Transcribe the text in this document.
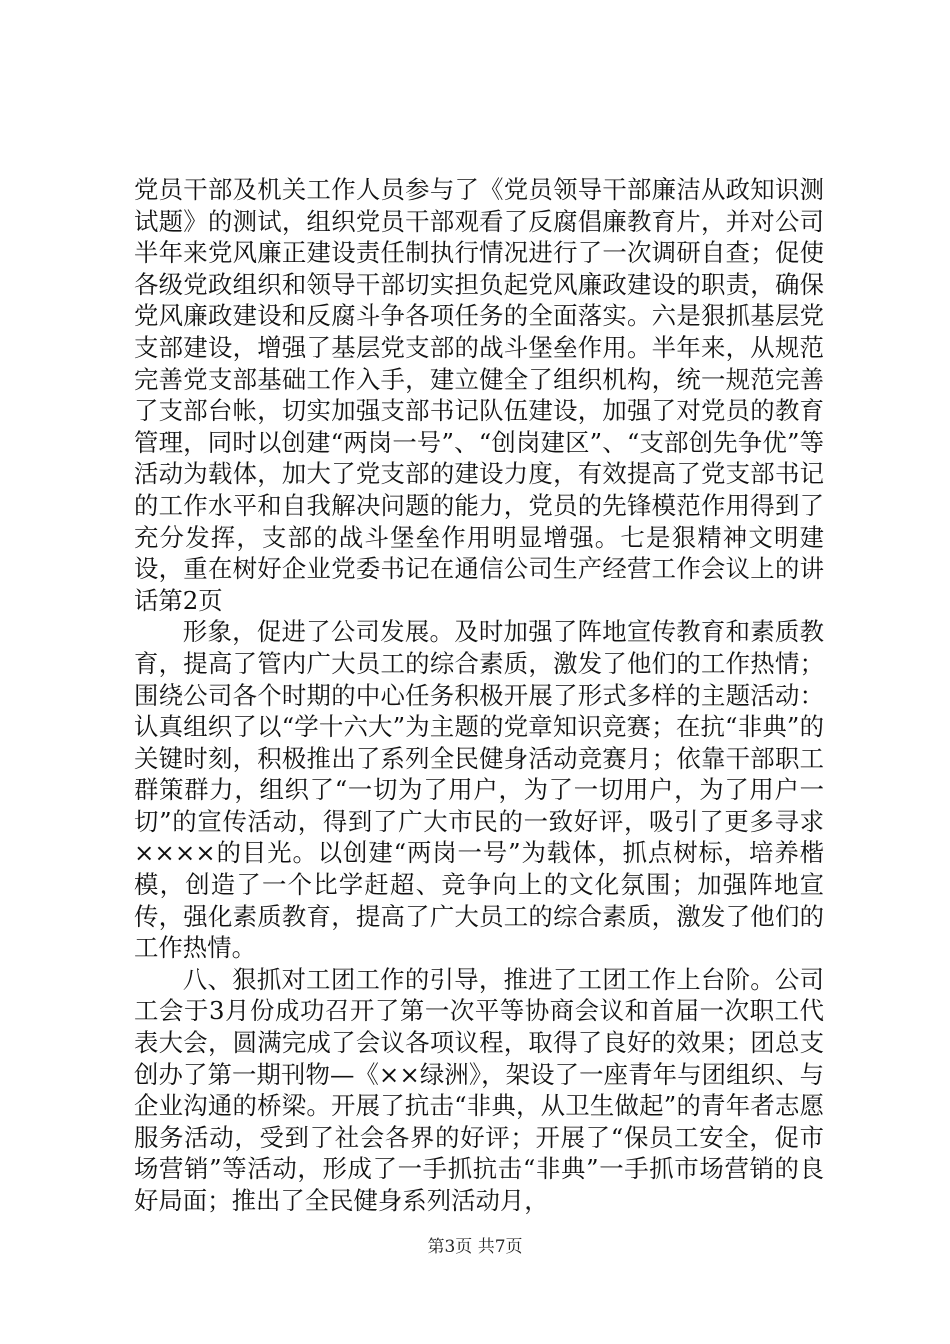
党员干部及机关工作人员参与了《党员领导干部廉洁从政知识测试题》的测试，组织党员干部观看了反腐倡廉教育片，并对公司半年来党风廉正建设责任制执行情况进行了一次调研自查；促使各级党政组织和领导干部切实担负起党风廉政建设的职责，确保党风廉政建设和反腐斗争各项任务的全面落实。六是狠抓基层党支部建设，增强了基层党支部的战斗堡垒作用。半年来，从规范完善党支部基础工作入手，建立健全了组织机构，统一规范完善了支部台帐，切实加强支部书记队伍建设，加强了对党员的教育管理，同时以创建“两岗一号”、“创岗建区”、“支部创先争优”等活动为载体，加大了党支部的建设力度，有效提高了党支部书记的工作水平和自我解决问题的能力，党员的先锋模范作用得到了充分发挥，支部的战斗堡垒作用明显增强。七是狠精神文明建设，重在树好企业党委书记在通信公司生产经营工作会议上的讲话第2页

形象，促进了公司发展。及时加强了阵地宣传教育和素质教育，提高了管内广大员工的综合素质，激发了他们的工作热情；围绕公司各个时期的中心任务积极开展了形式多样的主题活动：认真组织了以“学十六大”为主题的党章知识竞赛；在抗“非典”的关键时刻，积极推出了系列全民健身活动竞赛月；依靠干部职工群策群力，组织了“一切为了用户，为了一切用户，为了用户一切”的宣传活动，得到了广大市民的一致好评，吸引了更多寻求××××的目光。以创建“两岗一号”为载体，抓点树标，培养楷模，创造了一个比学赶超、竞争向上的文化氛围；加强阵地宣传，强化素质教育，提高了广大员工的综合素质，激发了他们的工作热情。

八、狠抓对工团工作的引导，推进了工团工作上台阶。公司工会于3月份成功召开了第一次平等协商会议和首届一次职工代表大会，圆满完成了会议各项议程，取得了良好的效果；团总支创办了第一期刊物—《××绿洲》，架设了一座青年与团组织、与企业沟通的桥梁。开展了抗击“非典，从卫生做起”的青年者志愿服务活动，受到了社会各界的好评；开展了“保员工安全，促市场营销”等活动，形成了一手抓抗击“非典”一手抓市场营销的良好局面；推出了全民健身系列活动月，

第3页 共7页
